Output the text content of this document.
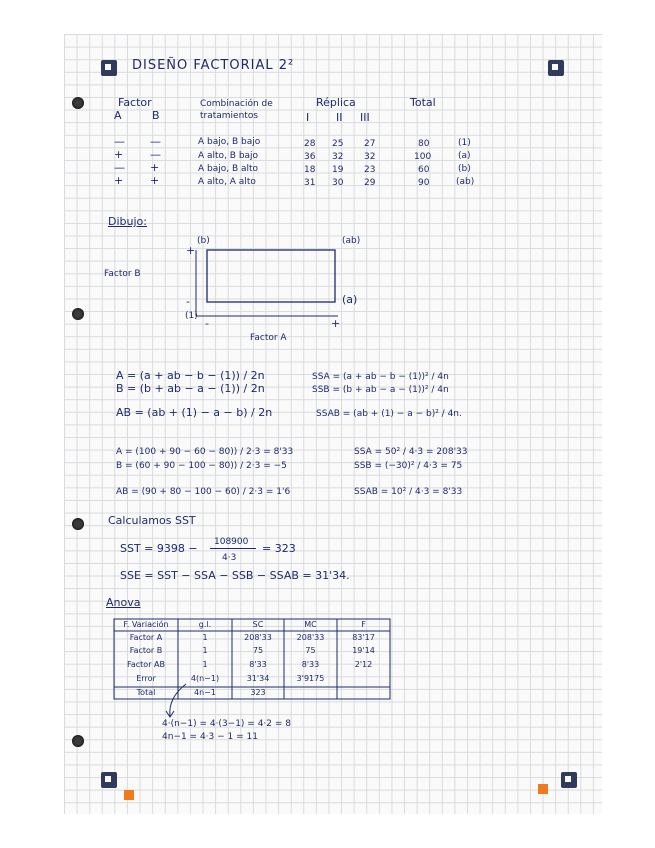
DISEÑO FACTORIAL 2²
Factor
A	B
Combinación de
tratamientos
Réplica
I II III
Total
— —	A bajo, B bajo	28 25 27	80	(1)
+ —	A alto, B bajo	36 32 32	100	(a)
— +	A bajo, B alto	18 19 23	60	(b)
+ +	A alto, A alto	31 30 29	90	(ab)
Dibujo:
+
-
(b)	(ab)
(a)
(1)
Factor B
-	+
Factor A
A = (a + ab − b − (1)) / 2n
B = (b + ab − a − (1)) / 2n
AB = (ab + (1) − a − b) / 2n
SSA = (a + ab − b − (1))² / 4n
SSB = (b + ab − a − (1))² / 4n
SSAB = (ab + (1) − a − b)² / 4n.
A = (100 + 90 − 60 − 80)) / 2·3 = 8'33
B = (60 + 90 − 100 − 80)) / 2·3 = −5
AB = (90 + 80 − 100 − 60) / 2·3 = 1'6
SSA = 50² / 4·3 = 208'33
SSB = (−30)² / 4·3 = 75
SSAB = 10² / 4·3 = 8'33
Calculamos SST
SST = 9398 − 108900
4·3
= 323
SSE = SST − SSA − SSB − SSAB = 31'34.
Anova
F. Variación	g.l.	SC	MC	F
Factor A	1	208'33	208'33	83'17
Factor B	1	75	75	19'14
Factor AB	1	8'33	8'33	2'12
Error	4(n−1)	31'34	3'9175
Total	4n−1	323
4·(n−1) = 4·(3−1) = 4·2 = 8
4n−1 = 4·3 − 1 = 11
